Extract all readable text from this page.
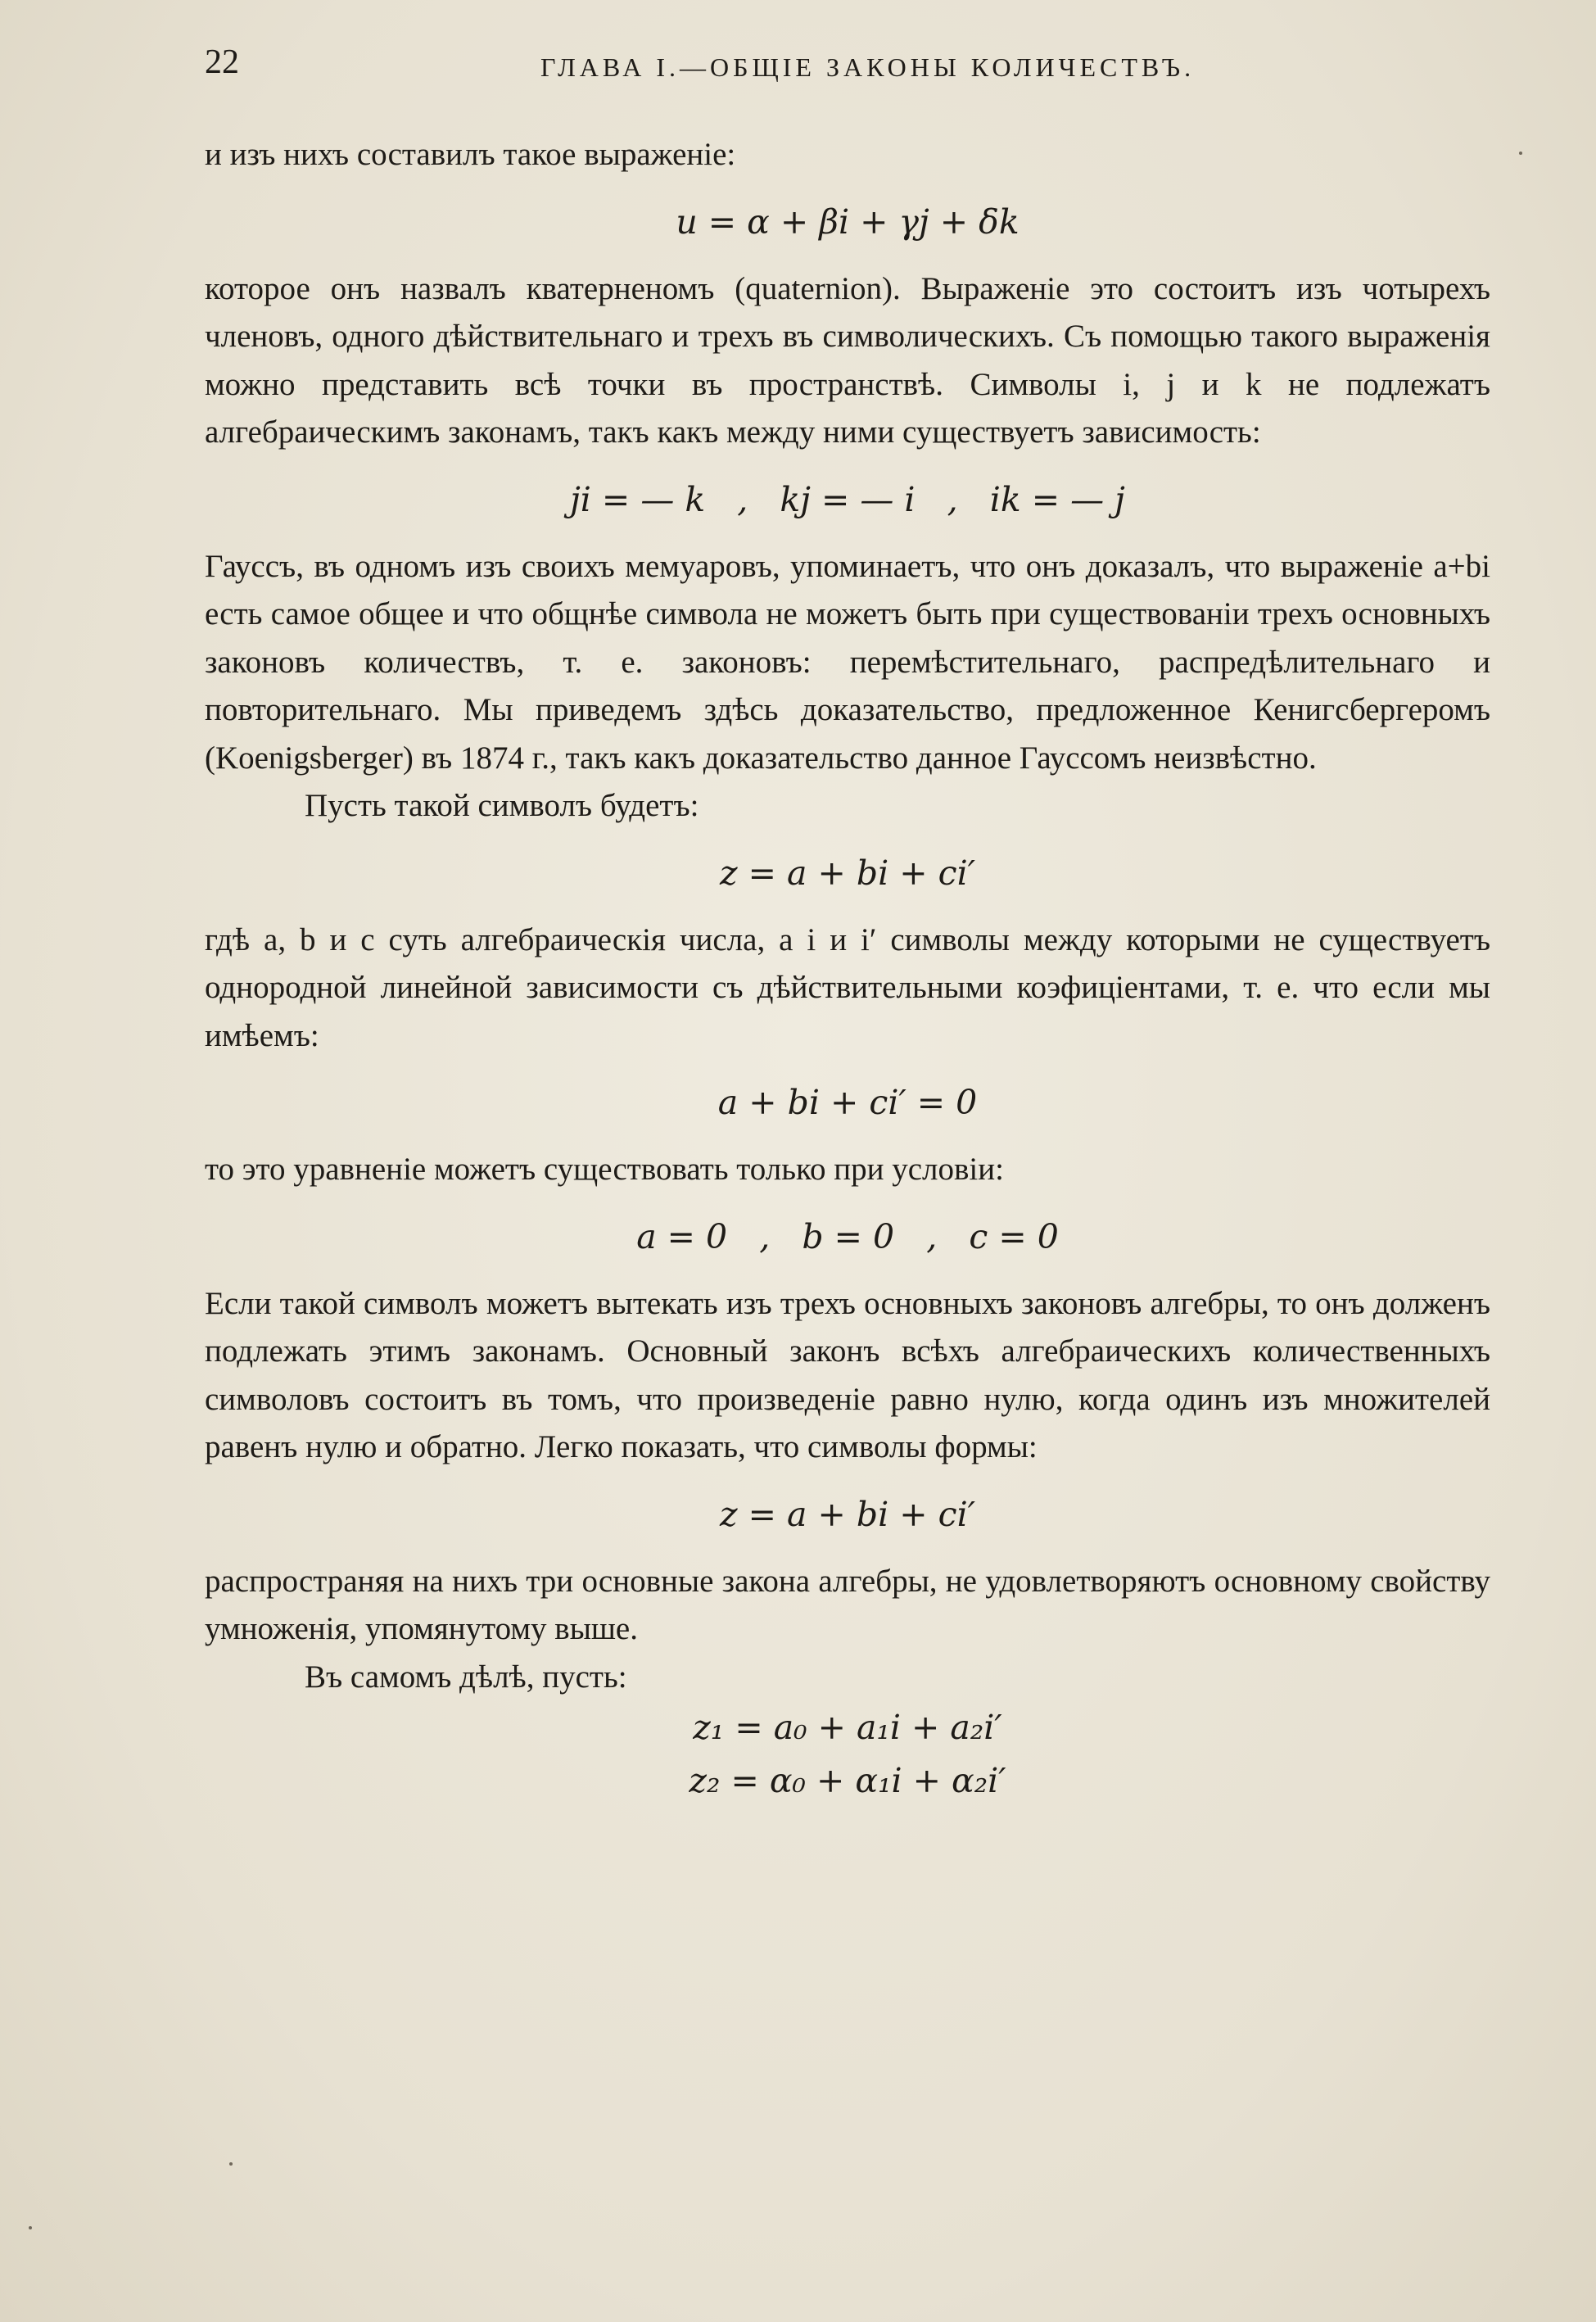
22	ГЛАВА I.—ОБЩІЕ ЗАКОНЫ КОЛИЧЕСТВЪ.

и изъ нихъ составилъ такое выраженіе:

u = α + βi + γj + δk

которое онъ назвалъ кватерненомъ (quaternion). Выраженіе это состоитъ изъ чотырехъ членовъ, одного дѣйствительнаго и трехъ въ символическихъ. Съ помощью такого выраженія можно представить всѣ точки въ пространствѣ. Символы i, j и k не подлежатъ алгебраическимъ законамъ, такъ какъ между ними существуетъ зависимость:

ji = — k   ,   kj = — i   ,   ik = — j

Гауссъ, въ одномъ изъ своихъ мемуаровъ, упоминаетъ, что онъ доказалъ, что выраженіе a+bi есть самое общее и что общнѣе символа не можетъ быть при существованіи трехъ основныхъ законовъ количествъ, т. е. законовъ: перемѣстительнаго, распредѣлительнаго и повторительнаго. Мы приведемъ здѣсь доказательство, предложенное Кенигсбергеромъ (Koenigsberger) въ 1874 г., такъ какъ доказательство данное Гауссомъ неизвѣстно.

Пусть такой символъ будетъ:

z = a + bi + ci′

гдѣ a, b и c суть алгебраическія числа, a i и i′ символы между которыми не существуетъ однородной линейной зависимости съ дѣйствительными коэфиціентами, т. е. что если мы имѣемъ:

a + bi + ci′ = 0

то это уравненіе можетъ существовать только при условіи:

a = 0   ,   b = 0   ,   c = 0

Если такой символъ можетъ вытекать изъ трехъ основныхъ законовъ алгебры, то онъ долженъ подлежать этимъ законамъ. Основный законъ всѣхъ алгебраическихъ количественныхъ символовъ состоитъ въ томъ, что произведеніе равно нулю, когда одинъ изъ множителей равенъ нулю и обратно. Легко показать, что символы формы:

z = a + bi + ci′

распространяя на нихъ три основные закона алгебры, не удовлетворяютъ основному свойству умноженія, упомянутому выше.

Въ самомъ дѣлѣ, пусть:

z₁ = a₀ + a₁i + a₂i′

z₂ = α₀ + α₁i + α₂i′
